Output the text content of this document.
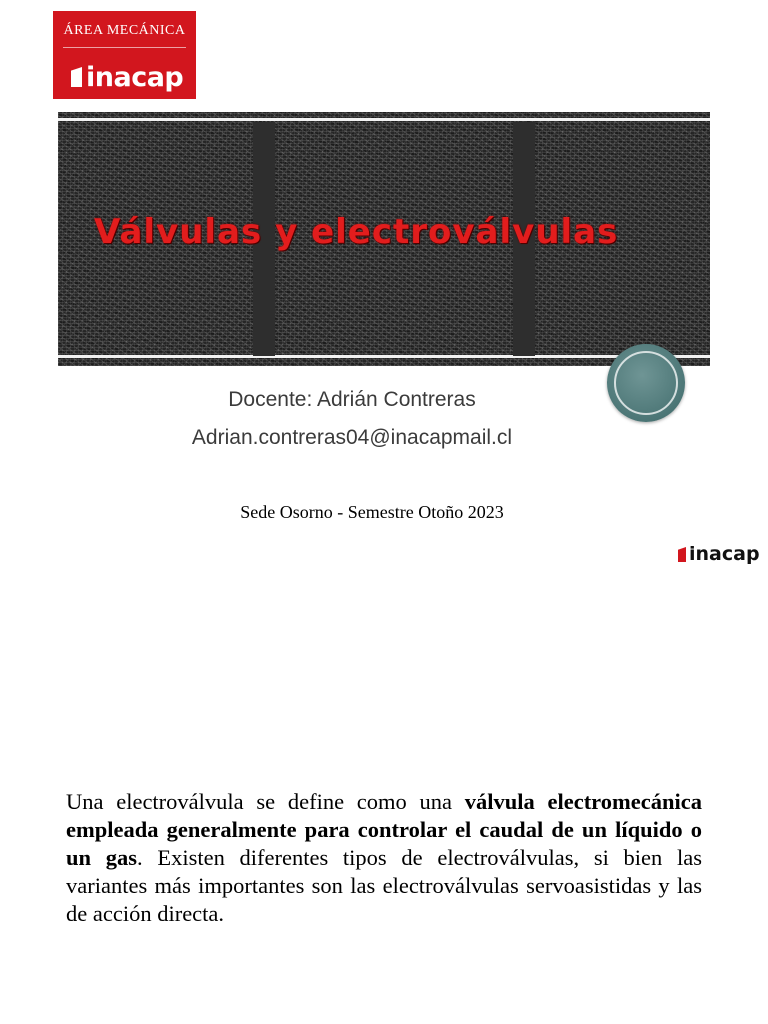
ÁREA MECÁNICA
inacap
Válvulas y electroválvulas
Docente: Adrián Contreras
Adrian.contreras04@inacapmail.cl
Sede Osorno - Semestre Otoño 2023
inacap
Una electroválvula se define como una válvula electromecánica empleada generalmente para controlar el caudal de un líquido o un gas. Existen diferentes tipos de electroválvulas, si bien las variantes más importantes son las electroválvulas servoasistidas y las de acción directa.
